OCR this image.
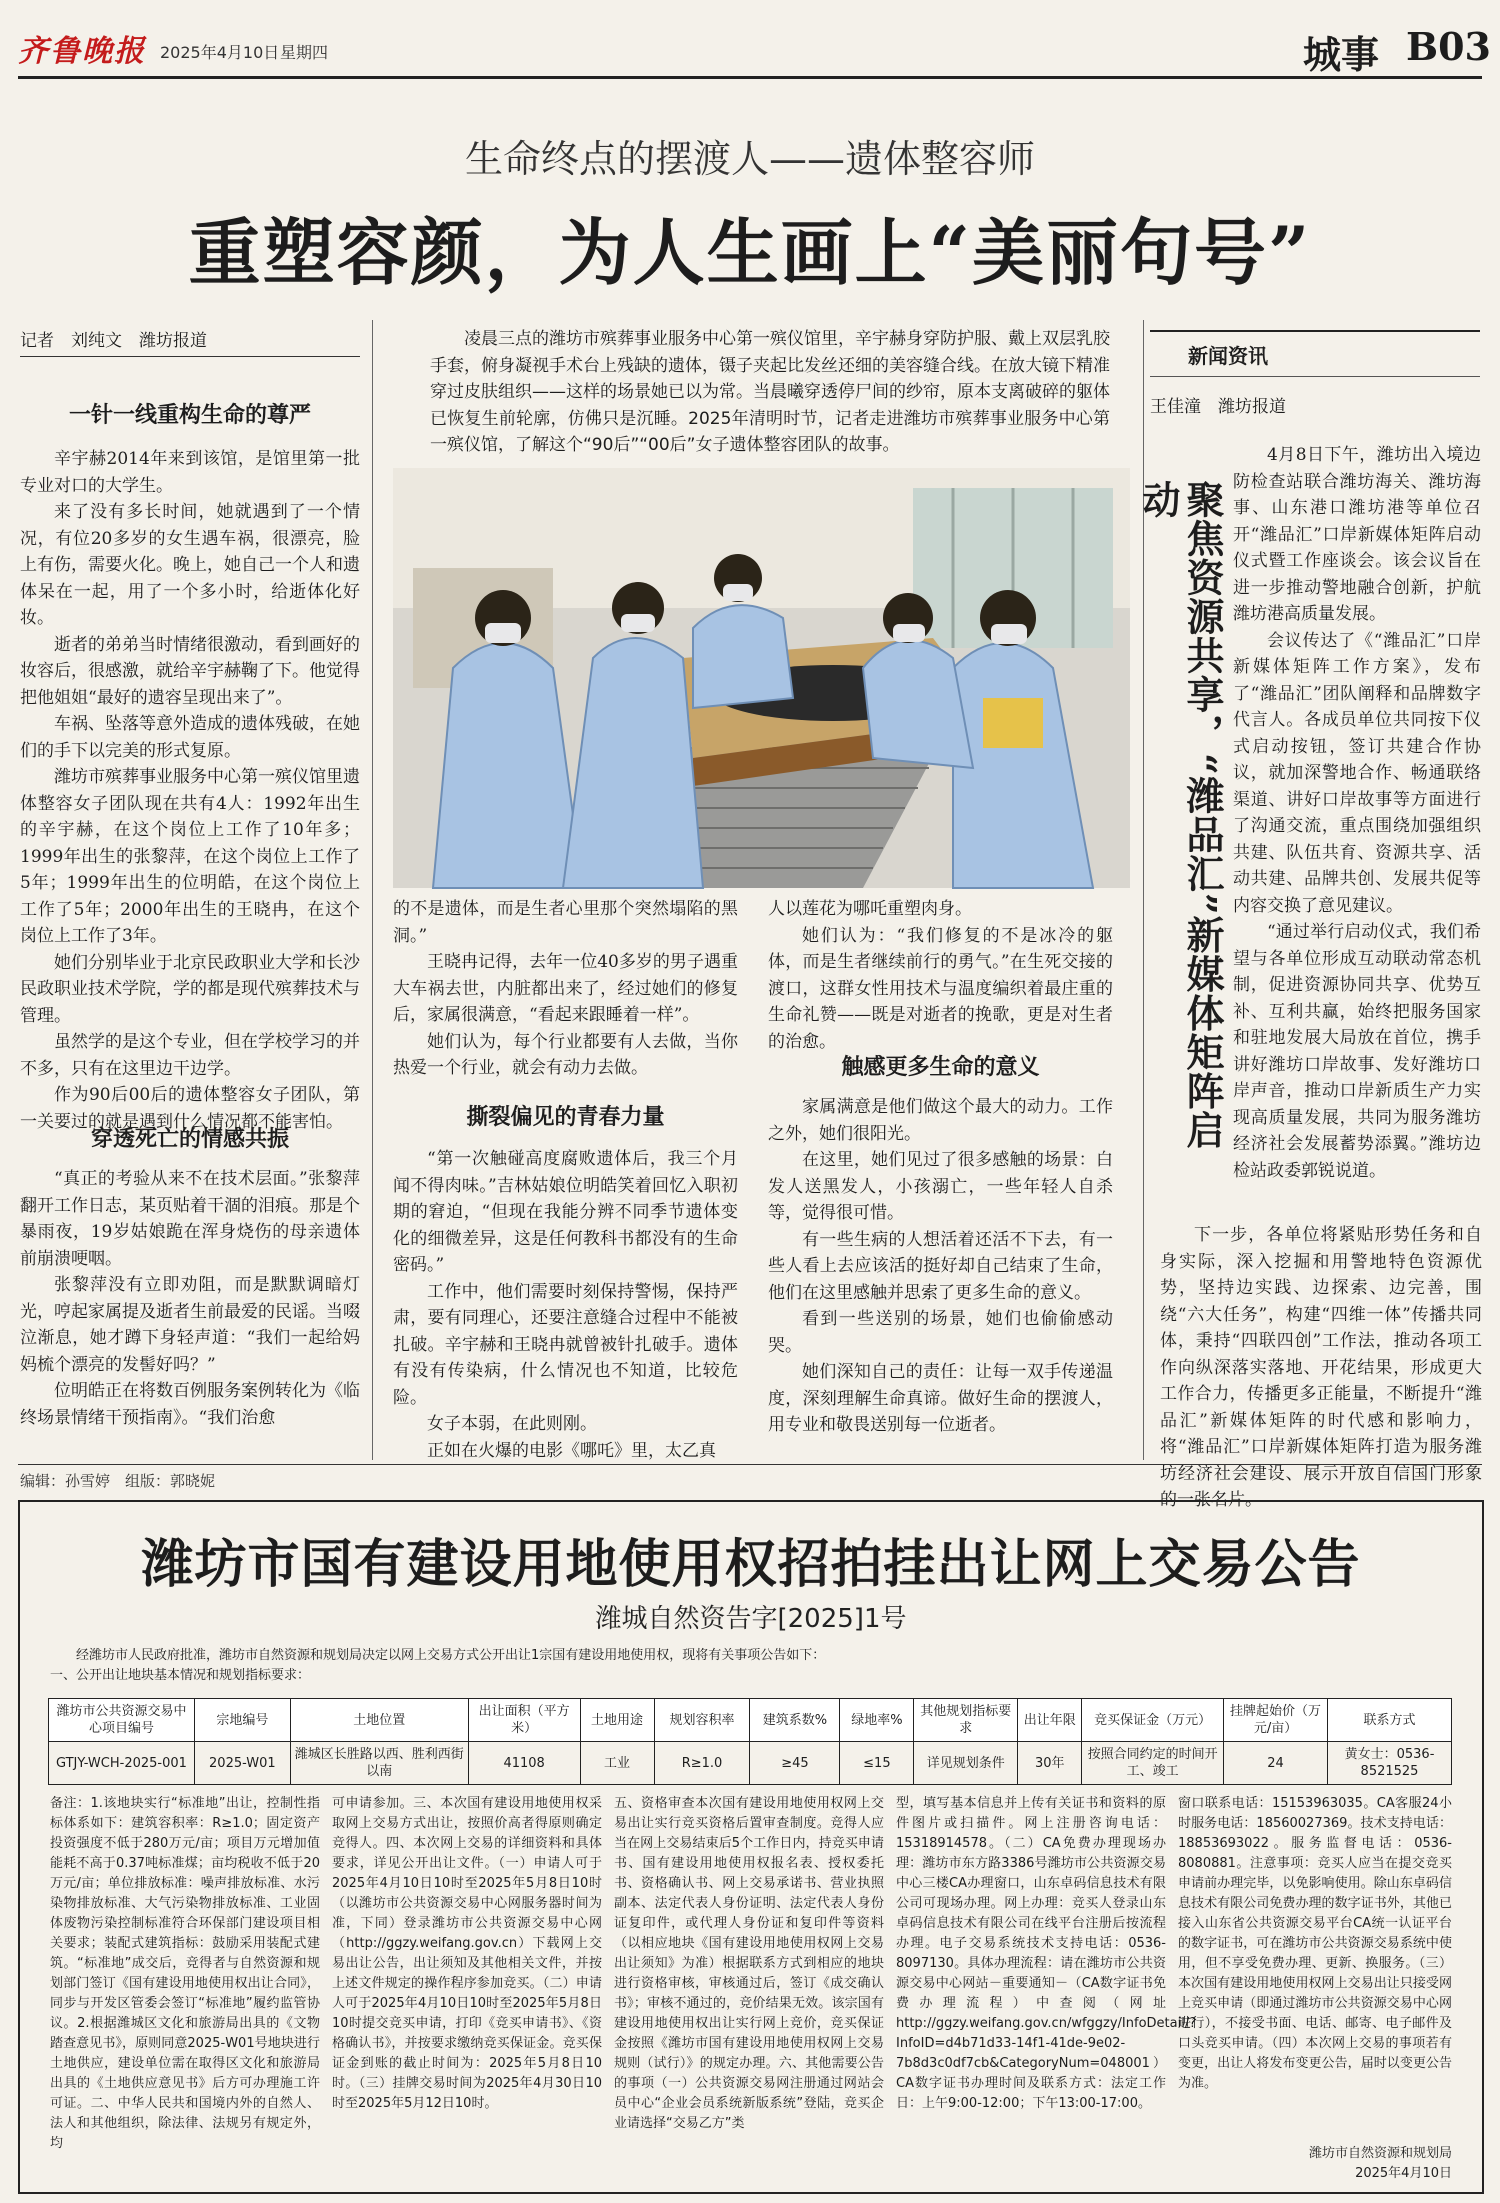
齐鲁晚报 2025年4月10日 星期四	城事 B03
生命终点的摆渡人——遗体整容师
重塑容颜，为人生画上“美丽句号”
记者　刘纯文　潍坊报道
一针一线重构生命的尊严

辛宇赫2014年来到该馆，是馆里第一批专业对口的大学生。

来了没有多长时间，她就遇到了一个情况，有位20多岁的女生遇车祸，很漂亮，脸上有伤，需要火化。晚上，她自己一个人和遗体呆在一起，用了一个多小时，给逝体化好妆。

逝者的弟弟当时情绪很激动，看到画好的妆容后，很感激，就给辛宇赫鞠了下。他觉得把他姐姐“最好的遗容呈现出来了”。

车祸、坠落等意外造成的遗体残破，在她们的手下以完美的形式复原。

潍坊市殡葬事业服务中心第一殡仪馆里遗体整容女子团队现在共有4人：1992年出生的辛宇赫，在这个岗位上工作了10年多；1999年出生的张黎萍，在这个岗位上工作了5年；1999年出生的位明皓，在这个岗位上工作了5年；2000年出生的王晓冉，在这个岗位上工作了3年。

她们分别毕业于北京民政职业大学和长沙民政职业技术学院，学的都是现代殡葬技术与管理。

虽然学的是这个专业，但在学校学习的并不多，只有在这里边干边学。

作为90后00后的遗体整容女子团队，第一关要过的就是遇到什么情况都不能害怕。

穿透死亡的情感共振

“真正的考验从来不在技术层面。”张黎萍翻开工作日志，某页贴着干涸的泪痕。那是个暴雨夜，19岁姑娘跪在浑身烧伤的母亲遗体前崩溃哽咽。

张黎萍没有立即劝阻，而是默默调暗灯光，哼起家属提及逝者生前最爱的民谣。当啜泣渐息，她才蹲下身轻声道：“我们一起给妈妈梳个漂亮的发髻好吗？”

位明皓正在将数百例服务案例转化为《临终场景情绪干预指南》。“我们治愈

凌晨三点的潍坊市殡葬事业服务中心第一殡仪馆里，辛宇赫身穿防护服、戴上双层乳胶手套，俯身凝视手术台上残缺的遗体，镊子夹起比发丝还细的美容缝合线。在放大镜下精准穿过皮肤组织——这样的场景她已以为常。当晨曦穿透停尸间的纱帘，原本支离破碎的躯体已恢复生前轮廓，仿佛只是沉睡。2025年清明时节，记者走进潍坊市殡葬事业服务中心第一殡仪馆，了解这个“90后”“00后”女子遗体整容团队的故事。

的不是遗体，而是生者心里那个突然塌陷的黑洞。”

王晓冉记得，去年一位40多岁的男子遇重大车祸去世，内脏都出来了，经过她们的修复后，家属很满意，“看起来跟睡着一样”。

她们认为，每个行业都要有人去做，当你热爱一个行业，就会有动力去做。

撕裂偏见的青春力量

“第一次触碰高度腐败遗体后，我三个月闻不得肉味。”吉林姑娘位明皓笑着回忆入职初期的窘迫，“但现在我能分辨不同季节遗体变化的细微差异，这是任何教科书都没有的生命密码。”

工作中，他们需要时刻保持警惕，保持严肃，要有同理心，还要注意缝合过程中不能被扎破。辛宇赫和王晓冉就曾被针扎破手。遗体有没有传染病，什么情况也不知道，比较危险。

女子本弱，在此则刚。

正如在火爆的电影《哪吒》里，太乙真

人以莲花为哪吒重塑肉身。

她们认为：“我们修复的不是冰冷的躯体，而是生者继续前行的勇气。”在生死交接的渡口，这群女性用技术与温度编织着最庄重的生命礼赞——既是对逝者的挽歌，更是对生者的治愈。

触感更多生命的意义

家属满意是他们做这个最大的动力。工作之外，她们很阳光。

在这里，她们见过了很多感触的场景：白发人送黑发人，小孩溺亡，一些年轻人自杀等，觉得很可惜。

有一些生病的人想活着还活不下去，有一些人看上去应该活的挺好却自己结束了生命，他们在这里感触并思索了更多生命的意义。

看到一些送别的场景，她们也偷偷感动哭。

她们深知自己的责任：让每一双手传递温度，深刻理解生命真谛。做好生命的摆渡人，用专业和敬畏送别每一位逝者。

新闻资讯
王佳潼　潍坊报道
聚焦资源共享，“潍品汇”新媒体矩阵启动

4月8日下午，潍坊出入境边防检查站联合潍坊海关、潍坊海事、山东港口潍坊港等单位召开“潍品汇”口岸新媒体矩阵启动仪式暨工作座谈会。该会议旨在进一步推动警地融合创新，护航潍坊港高质量发展。

会议传达了《“潍品汇”口岸新媒体矩阵工作方案》，发布了“潍品汇”团队阐释和品牌数字代言人。各成员单位共同按下仪式启动按钮，签订共建合作协议，就加深警地合作、畅通联络渠道、讲好口岸故事等方面进行了沟通交流，重点围绕加强组织共建、队伍共育、资源共享、活动共建、品牌共创、发展共促等内容交换了意见建议。

“通过举行启动仪式，我们希望与各单位形成互动联动常态机制，促进资源协同共享、优势互补、互利共赢，始终把服务国家和驻地发展大局放在首位，携手讲好潍坊口岸故事、发好潍坊口岸声音，推动口岸新质生产力实现高质量发展，共同为服务潍坊经济社会发展蓄势添翼。”潍坊边检站政委郭锐说道。

下一步，各单位将紧贴形势任务和自身实际，深入挖掘和用警地特色资源优势，坚持边实践、边探索、边完善，围绕“六大任务”，构建“四维一体”传播共同体，秉持“四联四创”工作法，推动各项工作向纵深落实落地、开花结果，形成更大工作合力，传播更多正能量，不断提升“潍品汇”新媒体矩阵的时代感和影响力，将“潍品汇”口岸新媒体矩阵打造为服务潍坊经济社会建设、展示开放自信国门形象的一张名片。

编辑：孙雪婷　组版：郭晓妮
潍坊市国有建设用地使用权招拍挂出让网上交易公告
潍城自然资告字[2025]1号
经潍坊市人民政府批准，潍坊市自然资源和规划局决定以网上交易方式公开出让1宗国有建设用地使用权，现将有关事项公告如下：
一、公开出让地块基本情况和规划指标要求：
潍坊市公共资源交易中心项目编号	宗地编号	土地位置	出让面积（平方米）	土地用途	规划容积率	建筑系数%	绿地率%	其他规划指标要求	出让年限	竞买保证金（万元）	挂牌起始价（万元/亩）	联系方式
GTJY-WCH-2025-001	2025-W01	潍城区长胜路以西、胜利西街以南	41108	工业	R≥1.0	≥45	≤15	详见规划条件	30年	按照合同约定的时间开工、竣工	24	黄女士：0536-8521525
备注：1.该地块实行“标准地”出让，控制性指标体系如下：建筑容积率：R≥1.0；固定资产投资强度不低于280万元/亩；项目万元增加值能耗不高于0.37吨标准煤；亩均税收不低于20万元/亩；单位排放标准：噪声排放标准、水污染物排放标准、大气污染物排放标准、工业固体废物污染控制标准符合环保部门建设项目相关要求；装配式建筑指标：鼓励采用装配式建筑。“标准地”成交后，竞得者与自然资源和规划部门签订《国有建设用地使用权出让合同》，同步与开发区管委会签订“标准地”履约监管协议。2.根据潍城区文化和旅游局出具的《文物踏查意见书》，原则同意2025-W01号地块进行土地供应，建设单位需在取得区文化和旅游局出具的《土地供应意见书》后方可办理施工许可证。二、中华人民共和国境内外的自然人、法人和其他组织，除法律、法规另有规定外，均
可申请参加。三、本次国有建设用地使用权采取网上交易方式出让，按照价高者得原则确定竞得人。四、本次网上交易的详细资料和具体要求，详见公开出让文件。（一）申请人可于2025年4月10日10时至2025年5月8日10时（以潍坊市公共资源交易中心网服务器时间为准，下同）登录潍坊市公共资源交易中心网（http://ggzy.weifang.gov.cn）下载网上交易出让公告，出让须知及其他相关文件，并按上述文件规定的操作程序参加竞买。（二）申请人可于2025年4月10日10时至2025年5月8日10时提交竞买申请，打印《竞买申请书》、《资格确认书》，并按要求缴纳竞买保证金。竞买保证金到账的截止时间为：2025年5月8日10时。（三）挂牌交易时间为2025年4月30日10时至2025年5月12日10时。
五、资格审查本次国有建设用地使用权网上交易出让实行竞买资格后置审查制度。竞得人应当在网上交易结束后5个工作日内，持竞买申请书、国有建设用地使用权报名表、授权委托书、资格确认书、网上交易承诺书、营业执照副本、法定代表人身份证明、法定代表人身份证复印件，或代理人身份证和复印件等资料（以相应地块《国有建设用地使用权网上交易出让须知》为准）根据联系方式到相应的地块进行资格审核，审核通过后，签订《成交确认书》；审核不通过的，竞价结果无效。该宗国有建设用地使用权出让实行网上竞价，竞买保证金按照《潍坊市国有建设用地使用权网上交易规则（试行）》的规定办理。六、其他需要公告的事项（一）公共资源交易网注册通过网站会员中心“企业会员系统新版系统”登陆，竞买企业请选择“交易乙方”类
型，填写基本信息并上传有关证书和资料的原件图片或扫描件。网上注册咨询电话：15318914578。（二）CA免费办理现场办理：潍坊市东方路3386号潍坊市公共资源交易中心三楼CA办理窗口，山东卓码信息技术有限公司可现场办理。网上办理：竞买人登录山东卓码信息技术有限公司在线平台注册后按流程办理。电子交易系统技术支持电话：0536-8097130。具体办理流程：请在潍坊市公共资源交易中心网站－重要通知－（CA数字证书免费办理流程）中查阅（网址http://ggzy.weifang.gov.cn/wfggzy/InfoDetail/?InfoID=d4b71d33-14f1-41de-9e02-7b8d3c0df7cb&CategoryNum=048001）CA数字证书办理时间及联系方式：法定工作日：上午9:00-12:00；下午13:00-17:00。
窗口联系电话：15153963035。CA客服24小时服务电话：18560027369。技术支持电话：18853693022。服务监督电话：0536-8080881。注意事项：竞买人应当在提交竞买申请前办理完毕，以免影响使用。除山东卓码信息技术有限公司免费办理的数字证书外，其他已接入山东省公共资源交易平台CA统一认证平台的数字证书，可在潍坊市公共资源交易系统中使用，但不享受免费办理、更新、换服务。（三）本次国有建设用地使用权网上交易出让只接受网上竞买申请（即通过潍坊市公共资源交易中心网进行），不接受书面、电话、邮寄、电子邮件及口头竞买申请。（四）本次网上交易的事项若有变更，出让人将发布变更公告，届时以变更公告为准。
潍坊市自然资源和规划局
2025年4月10日
